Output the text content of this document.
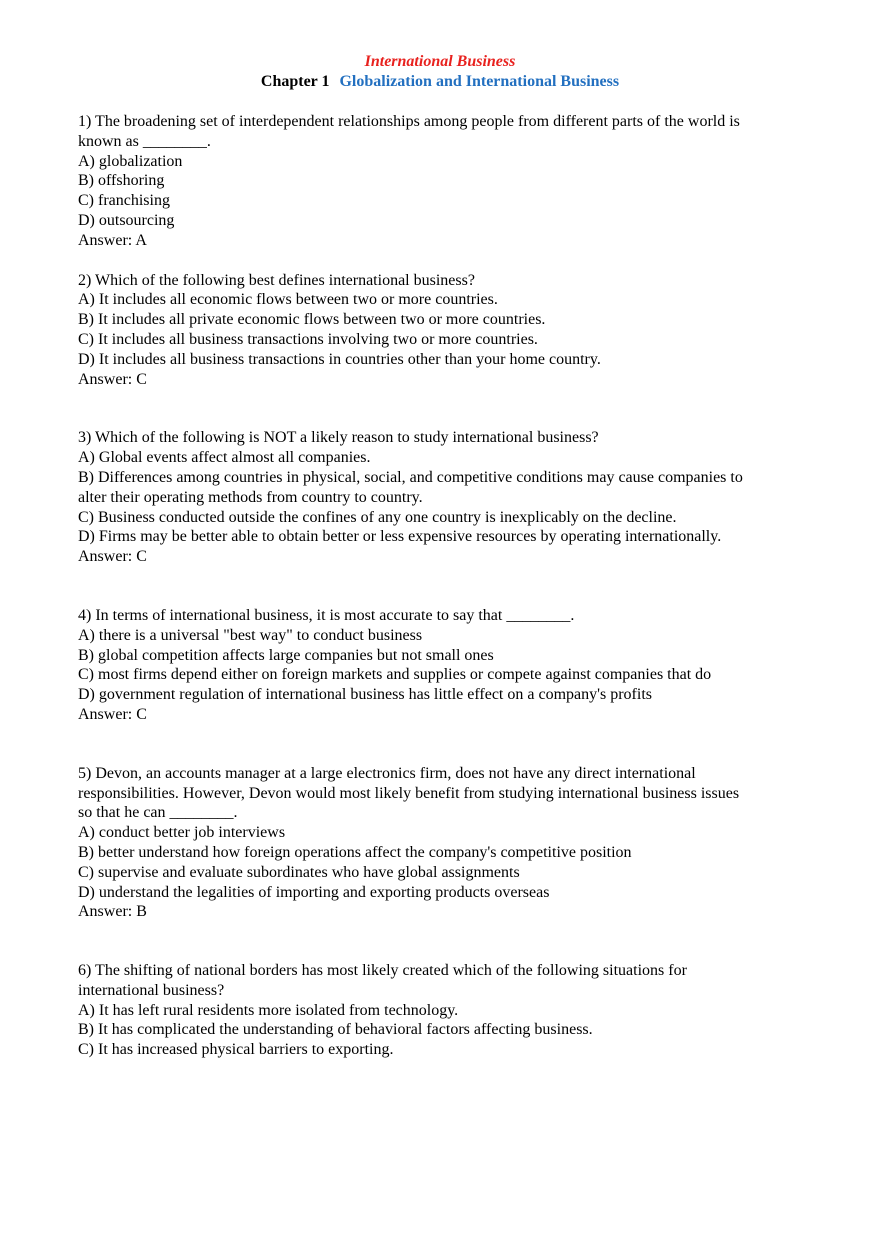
International Business
Chapter 1 Globalization and International Business

1) The broadening set of interdependent relationships among people from different parts of the world is

known as ________.

A) globalization

B) offshoring

C) franchising

D) outsourcing

Answer: A

2) Which of the following best defines international business?

A) It includes all economic flows between two or more countries.

B) It includes all private economic flows between two or more countries.

C) It includes all business transactions involving two or more countries.

D) It includes all business transactions in countries other than your home country.

Answer: C

3) Which of the following is NOT a likely reason to study international business?

A) Global events affect almost all companies.

B) Differences among countries in physical, social, and competitive conditions may cause companies to

alter their operating methods from country to country.

C) Business conducted outside the confines of any one country is inexplicably on the decline.

D) Firms may be better able to obtain better or less expensive resources by operating internationally.

Answer: C

4) In terms of international business, it is most accurate to say that ________.

A) there is a universal "best way" to conduct business

B) global competition affects large companies but not small ones

C) most firms depend either on foreign markets and supplies or compete against companies that do

D) government regulation of international business has little effect on a company's profits

Answer: C

5) Devon, an accounts manager at a large electronics firm, does not have any direct international

responsibilities. However, Devon would most likely benefit from studying international business issues

so that he can ________.

A) conduct better job interviews

B) better understand how foreign operations affect the company's competitive position

C) supervise and evaluate subordinates who have global assignments

D) understand the legalities of importing and exporting products overseas

Answer: B

6) The shifting of national borders has most likely created which of the following situations for

international business?

A) It has left rural residents more isolated from technology.

B) It has complicated the understanding of behavioral factors affecting business.

C) It has increased physical barriers to exporting.
